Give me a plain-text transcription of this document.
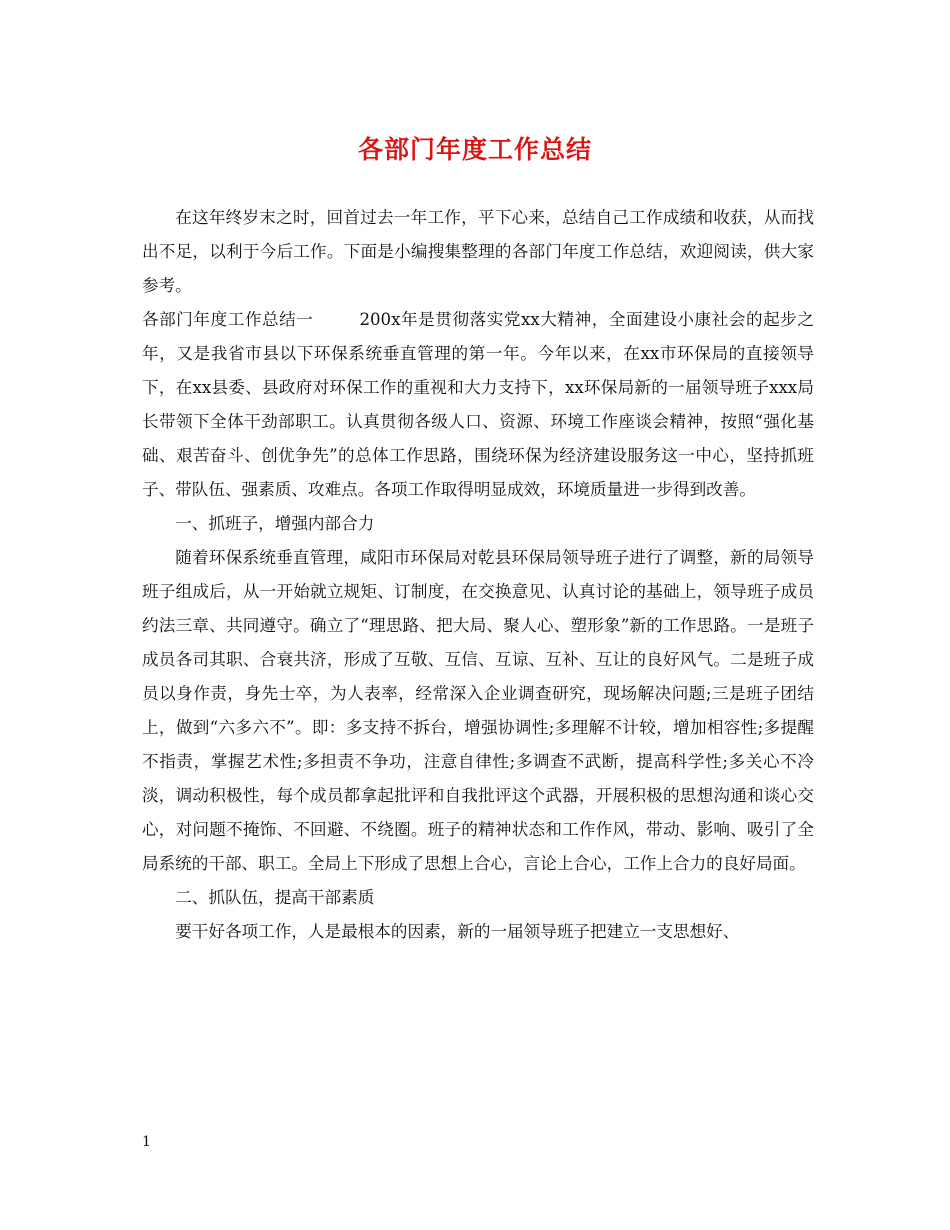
各部门年度工作总结

在这年终岁末之时，回首过去一年工作，平下心来，总结自己工作成绩和收获，从而找出不足，以利于今后工作。下面是小编搜集整理的各部门年度工作总结，欢迎阅读，供大家参考。

各部门年度工作总结一	200x年是贯彻落实党xx大精神，全面建设小康社会的起步之年，又是我省市县以下环保系统垂直管理的第一年。今年以来，在xx市环保局的直接领导下，在xx县委、县政府对环保工作的重视和大力支持下，xx环保局新的一届领导班子xxx局长带领下全体干劲部职工。认真贯彻各级人口、资源、环境工作座谈会精神，按照“强化基础、艰苦奋斗、创优争先”的总体工作思路，围绕环保为经济建设服务这一中心，坚持抓班子、带队伍、强素质、攻难点。各项工作取得明显成效，环境质量进一步得到改善。

一、抓班子，增强内部合力

随着环保系统垂直管理，咸阳市环保局对乾县环保局领导班子进行了调整，新的局领导班子组成后，从一开始就立规矩、订制度，在交换意见、认真讨论的基础上，领导班子成员约法三章、共同遵守。确立了“理思路、把大局、聚人心、塑形象”新的工作思路。一是班子成员各司其职、合衰共济，形成了互敬、互信、互谅、互补、互让的良好风气。二是班子成员以身作责，身先士卒，为人表率，经常深入企业调查研究，现场解决问题;三是班子团结上，做到“六多六不”。即：多支持不拆台，增强协调性;多理解不计较，增加相容性;多提醒不指责，掌握艺术性;多担责不争功，注意自律性;多调查不武断，提高科学性;多关心不冷淡，调动积极性，每个成员都拿起批评和自我批评这个武器，开展积极的思想沟通和谈心交心，对问题不掩饰、不回避、不绕圈。班子的精神状态和工作作风，带动、影响、吸引了全局系统的干部、职工。全局上下形成了思想上合心，言论上合心，工作上合力的良好局面。

二、抓队伍，提高干部素质

要干好各项工作，人是最根本的因素，新的一届领导班子把建立一支思想好、

1
